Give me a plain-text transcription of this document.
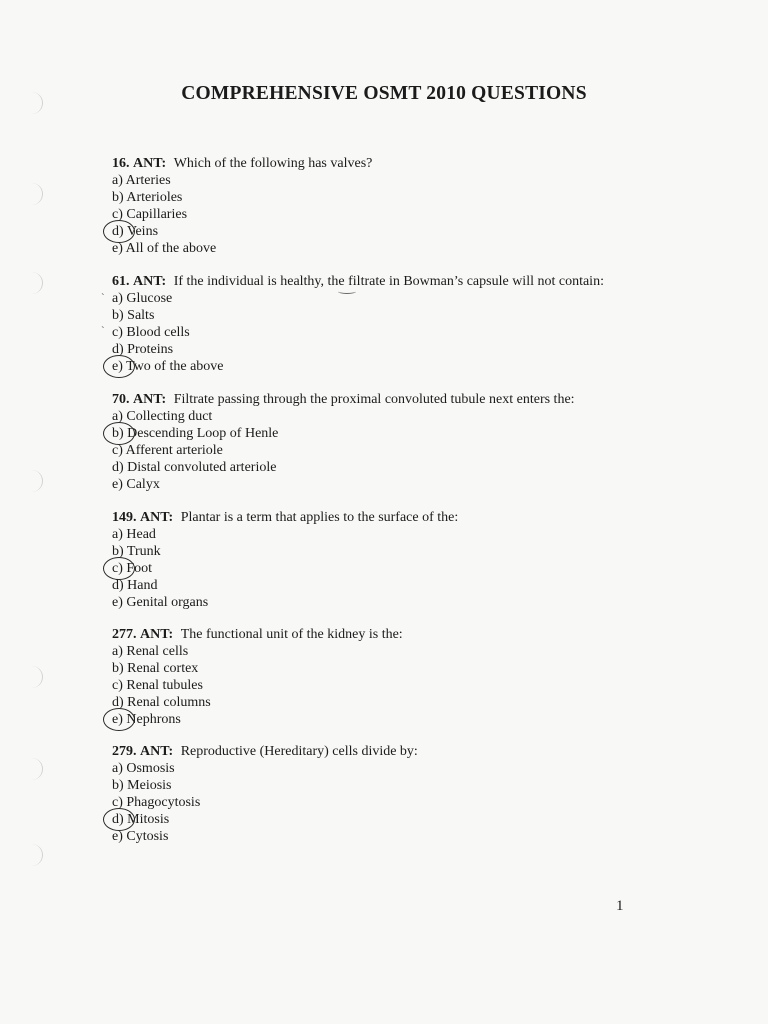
COMPREHENSIVE OSMT 2010 QUESTIONS
16. ANT: Which of the following has valves?
a) Arteries
b) Arterioles
c) Capillaries
d) Veins
e) All of the above
61. ANT: If the individual is healthy, the filtrate in Bowman’s capsule will not contain:
a) Glucose
b) Salts
c) Blood cells
d) Proteins
e) Two of the above
`
`
70. ANT: Filtrate passing through the proximal convoluted tubule next enters the:
a) Collecting duct
b) Descending Loop of Henle
c) Afferent arteriole
d) Distal convoluted arteriole
e) Calyx
149. ANT: Plantar is a term that applies to the surface of the:
a) Head
b) Trunk
c) Foot
d) Hand
e) Genital organs
277. ANT: The functional unit of the kidney is the:
a) Renal cells
b) Renal cortex
c) Renal tubules
d) Renal columns
e) Nephrons
279. ANT: Reproductive (Hereditary) cells divide by:
a) Osmosis
b) Meiosis
c) Phagocytosis
d) Mitosis
e) Cytosis
1
